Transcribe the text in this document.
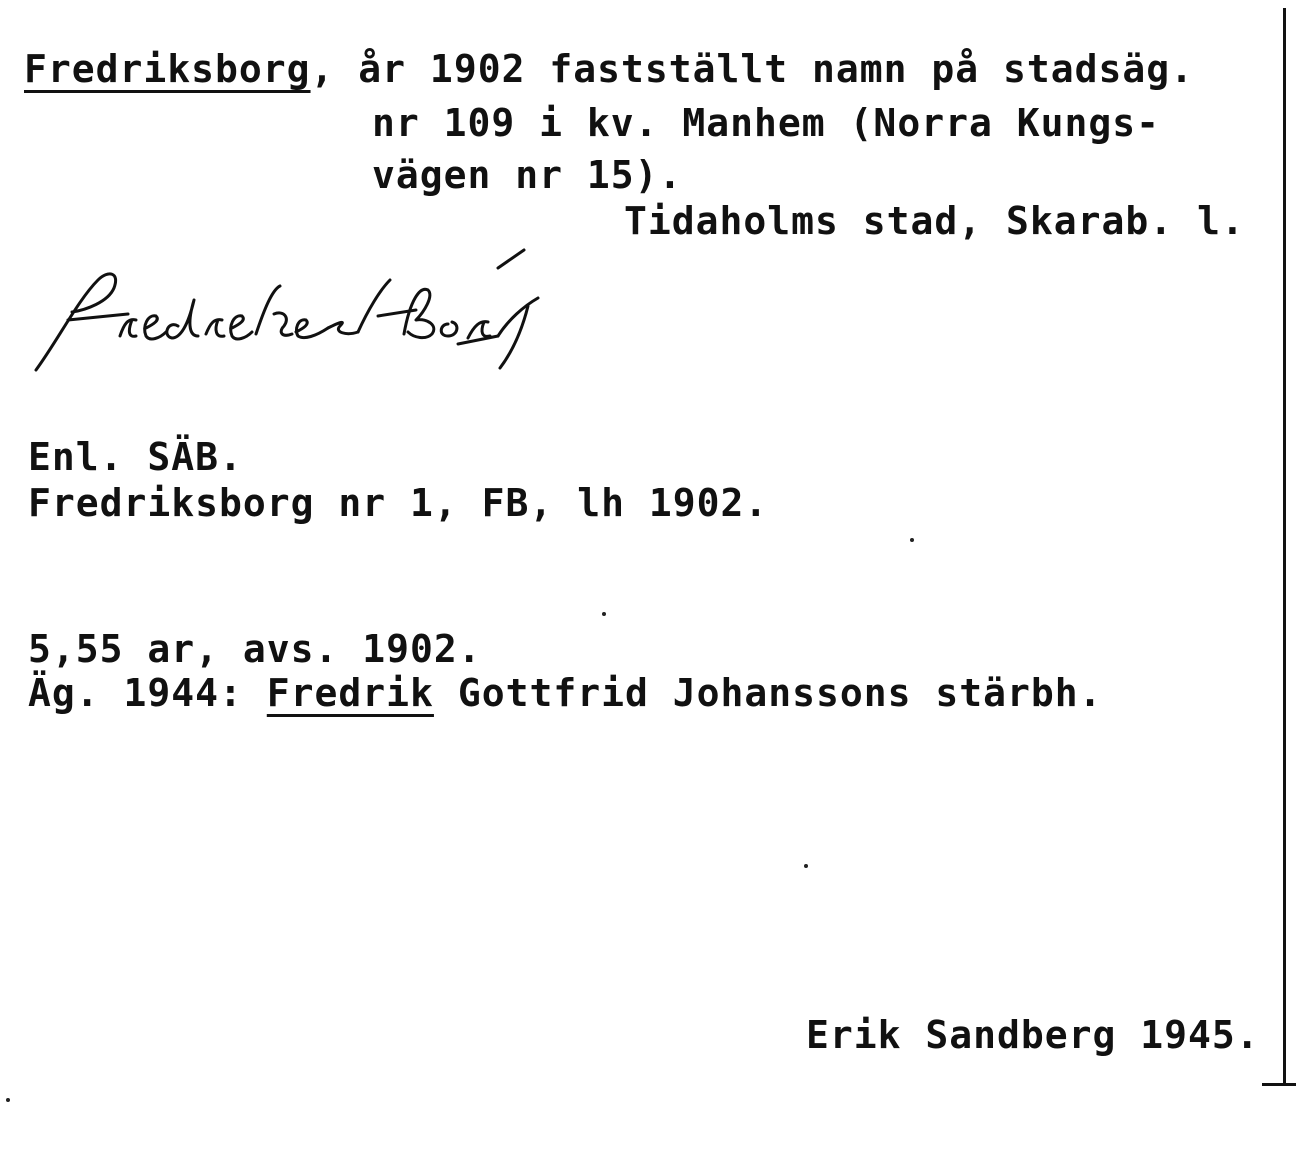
Fredriksborg, år 1902 fastställt namn på stadsäg.
nr 109 i kv. Manhem (Norra Kungs-
vägen nr 15).
Tidaholms stad, Skarab. l.
Enl. SÄB.
Fredriksborg nr 1, FB, lh 1902.
5,55 ar, avs. 1902.
Äg. 1944: Fredrik Gottfrid Johanssons stärbh.
Erik Sandberg 1945.
